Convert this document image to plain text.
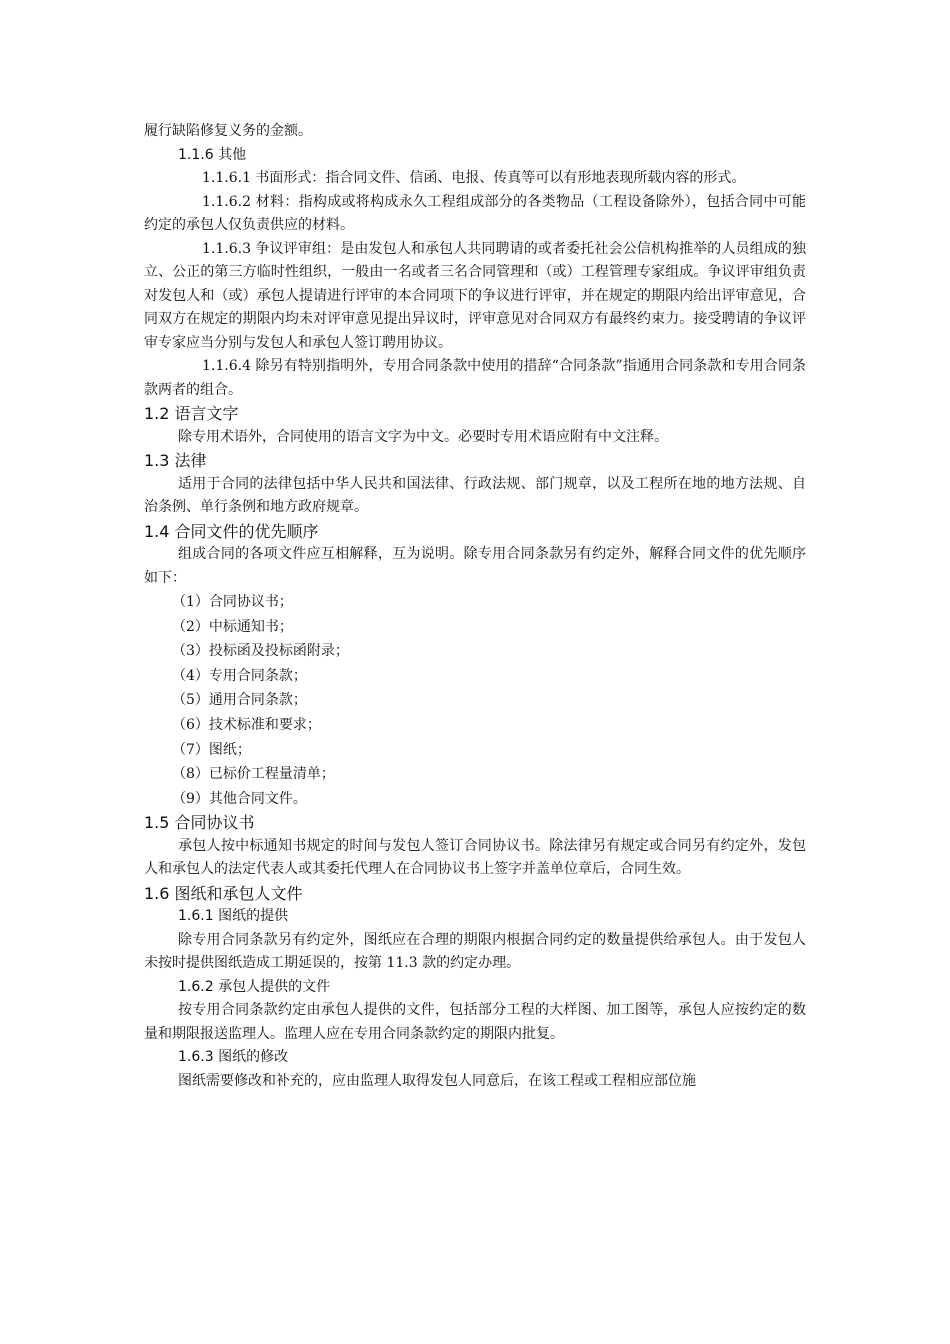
履行缺陷修复义务的金额。

1.1.6 其他

1.1.6.1 书面形式：指合同文件、信函、电报、传真等可以有形地表现所载内容的形式。

1.1.6.2 材料：指构成或将构成永久工程组成部分的各类物品（工程设备除外），包括合同中可能约定的承包人仅负责供应的材料。

1.1.6.3 争议评审组：是由发包人和承包人共同聘请的或者委托社会公信机构推举的人员组成的独立、公正的第三方临时性组织，一般由一名或者三名合同管理和（或）工程管理专家组成。争议评审组负责对发包人和（或）承包人提请进行评审的本合同项下的争议进行评审，并在规定的期限内给出评审意见，合同双方在规定的期限内均未对评审意见提出异议时，评审意见对合同双方有最终约束力。接受聘请的争议评审专家应当分别与发包人和承包人签订聘用协议。

1.1.6.4 除另有特别指明外，专用合同条款中使用的措辞“合同条款”指通用合同条款和专用合同条款两者的组合。

1.2 语言文字

除专用术语外，合同使用的语言文字为中文。必要时专用术语应附有中文注释。

1.3 法律

适用于合同的法律包括中华人民共和国法律、行政法规、部门规章，以及工程所在地的地方法规、自治条例、单行条例和地方政府规章。

1.4 合同文件的优先顺序

组成合同的各项文件应互相解释，互为说明。除专用合同条款另有约定外，解释合同文件的优先顺序如下：

（1）合同协议书；
（2）中标通知书；
（3）投标函及投标函附录；
（4）专用合同条款；
（5）通用合同条款；
（6）技术标准和要求；
（7）图纸；
（8）已标价工程量清单；
（9）其他合同文件。

1.5 合同协议书

承包人按中标通知书规定的时间与发包人签订合同协议书。除法律另有规定或合同另有约定外，发包人和承包人的法定代表人或其委托代理人在合同协议书上签字并盖单位章后，合同生效。

1.6 图纸和承包人文件

1.6.1 图纸的提供

除专用合同条款另有约定外，图纸应在合理的期限内根据合同约定的数量提供给承包人。由于发包人未按时提供图纸造成工期延误的，按第 11.3 款的约定办理。

1.6.2 承包人提供的文件

按专用合同条款约定由承包人提供的文件，包括部分工程的大样图、加工图等，承包人应按约定的数量和期限报送监理人。监理人应在专用合同条款约定的期限内批复。

1.6.3 图纸的修改

图纸需要修改和补充的，应由监理人取得发包人同意后，在该工程或工程相应部位施
